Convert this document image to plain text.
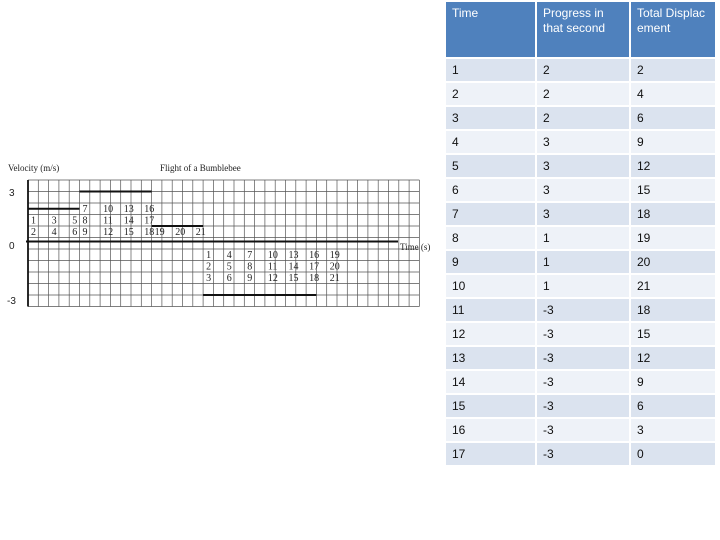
Velocity (m/s)	Flight of a Bumblebee
Time (s)
3
0
-3
1 3 5
2 4 6
7 10 13 16
8 11 14 17
9 12 15 18 19 20 21
1 4 7 10 13 16 19
2 5 8 11 14 17 20
3 6 9 12 15 18 21
Time	Progress in that second	Total Displacement
1	2	2
2	2	4
3	2	6
4	3	9
5	3	12
6	3	15
7	3	18
8	1	19
9	1	20
10	1	21
11	-3	18
12	-3	15
13	-3	12
14	-3	9
15	-3	6
16	-3	3
17	-3	0
